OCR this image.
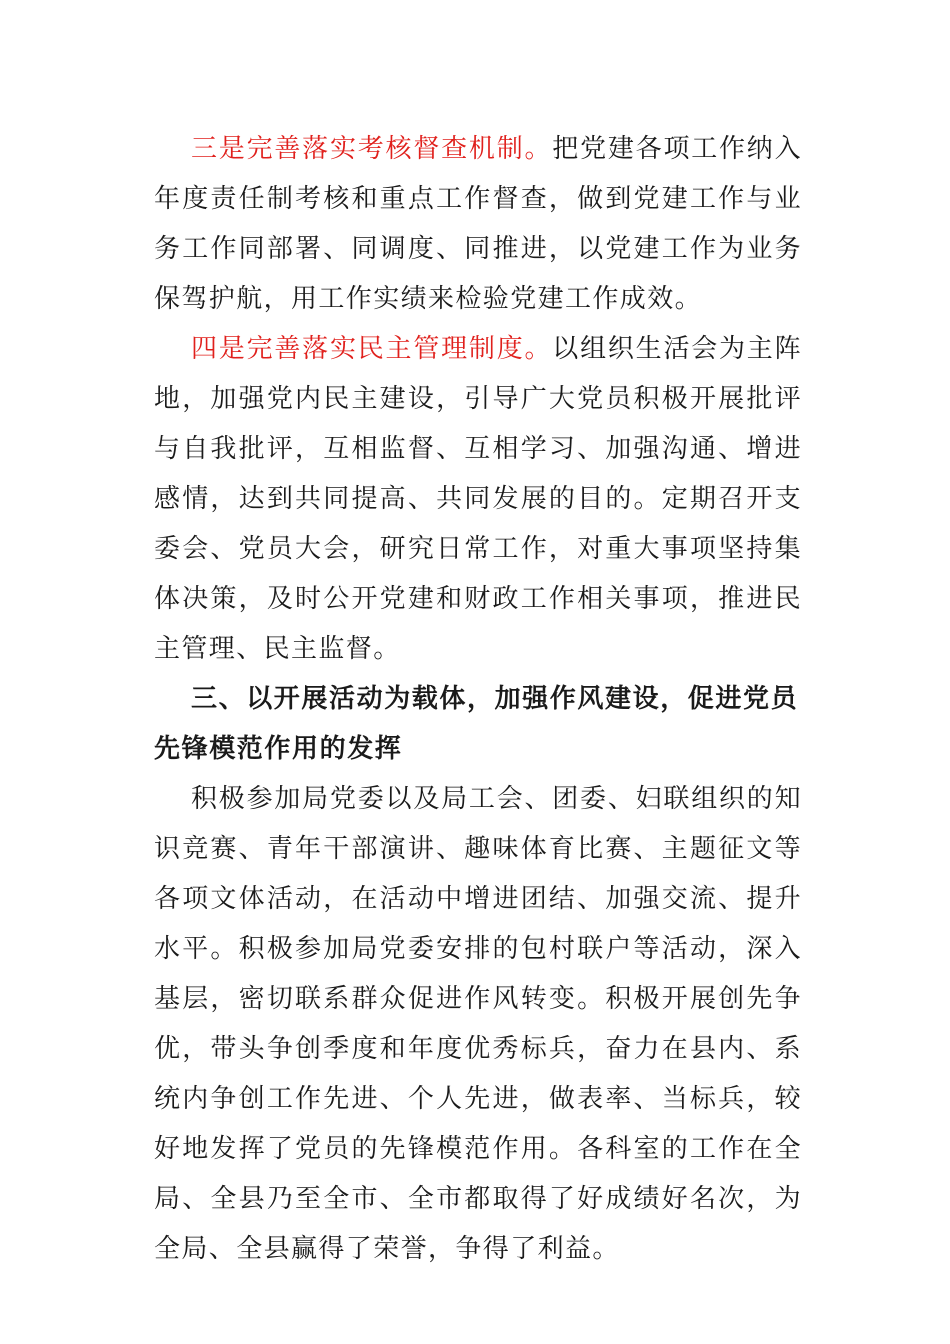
三是完善落实考核督查机制。把党建各项工作纳入年度责任制考核和重点工作督查，做到党建工作与业务工作同部署、同调度、同推进，以党建工作为业务保驾护航，用工作实绩来检验党建工作成效。

四是完善落实民主管理制度。以组织生活会为主阵地，加强党内民主建设，引导广大党员积极开展批评与自我批评，互相监督、互相学习、加强沟通、增进感情，达到共同提高、共同发展的目的。定期召开支委会、党员大会，研究日常工作，对重大事项坚持集体决策，及时公开党建和财政工作相关事项，推进民主管理、民主监督。

三、以开展活动为载体，加强作风建设，促进党员先锋模范作用的发挥

积极参加局党委以及局工会、团委、妇联组织的知识竞赛、青年干部演讲、趣味体育比赛、主题征文等各项文体活动，在活动中增进团结、加强交流、提升水平。积极参加局党委安排的包村联户等活动，深入基层，密切联系群众促进作风转变。积极开展创先争优，带头争创季度和年度优秀标兵，奋力在县内、系统内争创工作先进、个人先进，做表率、当标兵，较好地发挥了党员的先锋模范作用。各科室的工作在全局、全县乃至全市、全市都取得了好成绩好名次，为全局、全县赢得了荣誉，争得了利益。
